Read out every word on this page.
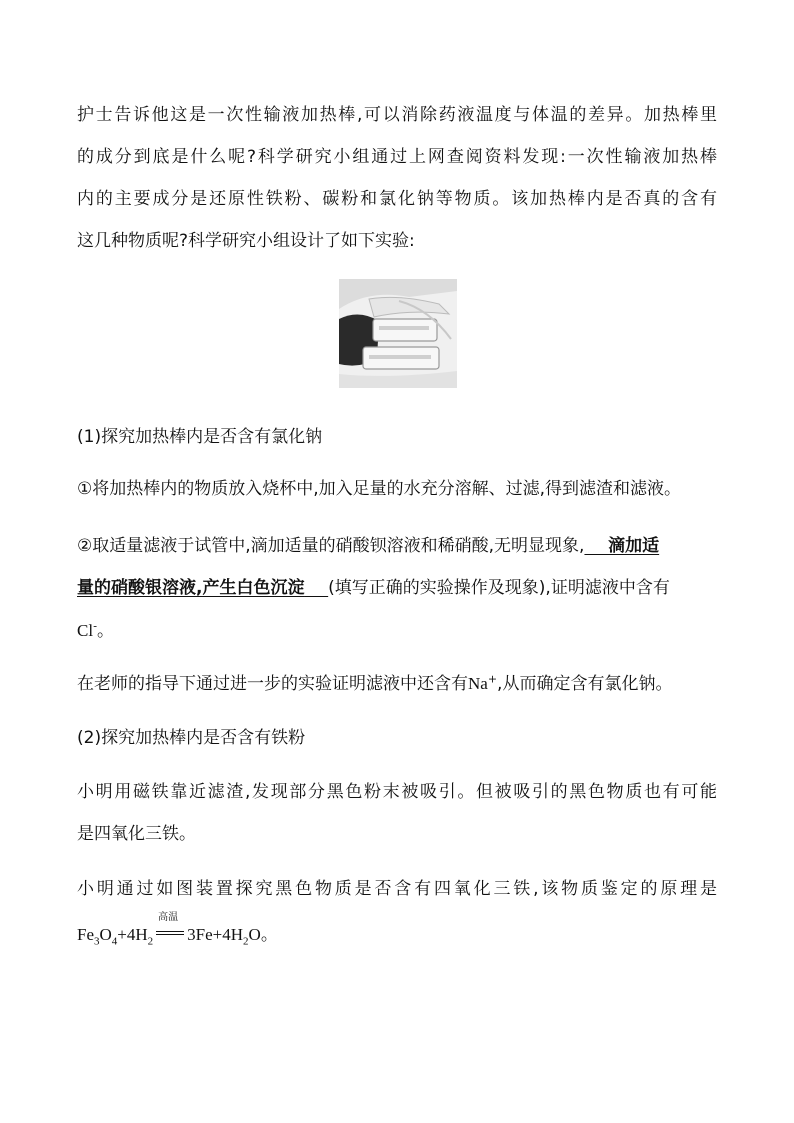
护士告诉他这是一次性输液加热棒,可以消除药液温度与体温的差异。加热棒里

的成分到底是什么呢?科学研究小组通过上网查阅资料发现:一次性输液加热棒

内的主要成分是还原性铁粉、碳粉和氯化钠等物质。该加热棒内是否真的含有

这几种物质呢?科学研究小组设计了如下实验:

(1)探究加热棒内是否含有氯化钠

①将加热棒内的物质放入烧杯中,加入足量的水充分溶解、过滤,得到滤渣和滤液。

②取适量滤液于试管中,滴加适量的硝酸钡溶液和稀硝酸,无明显现象,    滴加适

量的硝酸银溶液,产生白色沉淀 (填写正确的实验操作及现象),证明滤液中含有

Cl-。

在老师的指导下通过进一步的实验证明滤液中还含有Na+,从而确定含有氯化钠。

(2)探究加热棒内是否含有铁粉

小明用磁铁靠近滤渣,发现部分黑色粉末被吸引。但被吸引的黑色物质也有可能

是四氧化三铁。

小明通过如图装置探究黑色物质是否含有四氧化三铁,该物质鉴定的原理是

$Fe_3O_4+4H_2$
高温
$3Fe+4H_2O$。
